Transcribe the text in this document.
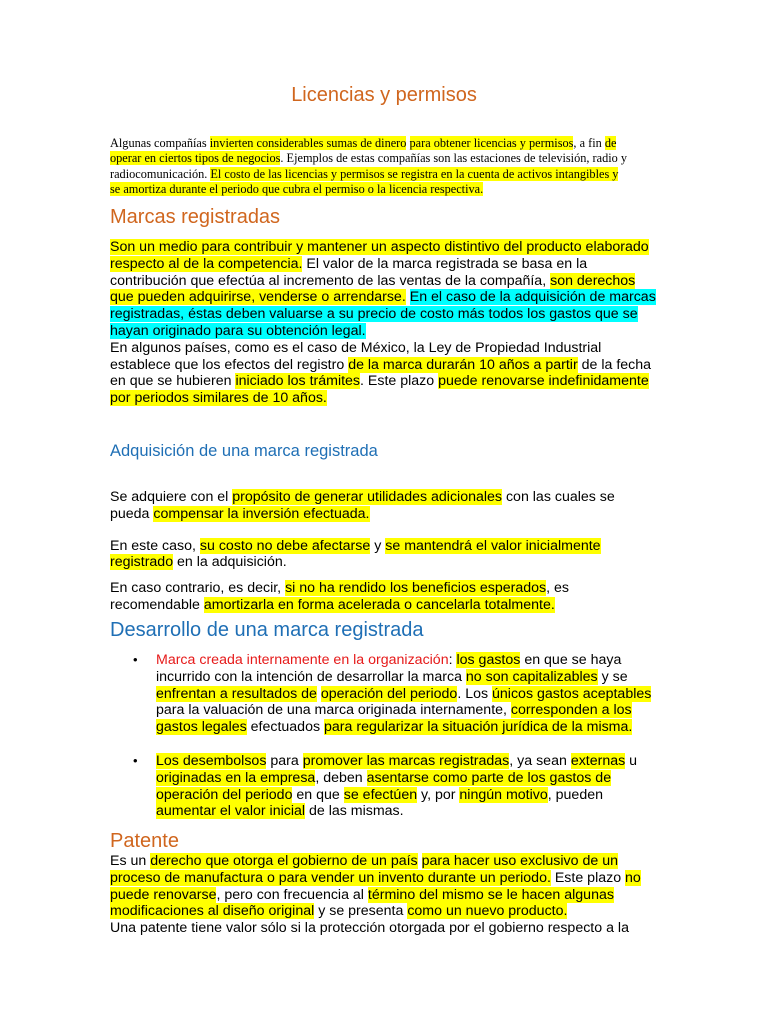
Licencias y permisos
Algunas compañías invierten considerables sumas de dinero para obtener licencias y permisos, a fin de operar en ciertos tipos de negocios. Ejemplos de estas compañías son las estaciones de televisión, radio y radiocomunicación. El costo de las licencias y permisos se registra en la cuenta de activos intangibles y se amortiza durante el periodo que cubra el permiso o la licencia respectiva.
Marcas registradas

Son un medio para contribuir y mantener un aspecto distintivo del producto elaborado respecto al de la competencia. El valor de la marca registrada se basa en la contribución que efectúa al incremento de las ventas de la compañía, son derechos que pueden adquirirse, venderse o arrendarse. En el caso de la adquisición de marcas registradas, éstas deben valuarse a su precio de costo más todos los gastos que se hayan originado para su obtención legal.

En algunos países, como es el caso de México, la Ley de Propiedad Industrial establece que los efectos del registro de la marca durarán 10 años a partir de la fecha en que se hubieren iniciado los trámites. Este plazo puede renovarse indefinidamente por periodos similares de 10 años.

Adquisición de una marca registrada

Se adquiere con el propósito de generar utilidades adicionales con las cuales se pueda compensar la inversión efectuada.

En este caso, su costo no debe afectarse y se mantendrá el valor inicialmente registrado en la adquisición.

En caso contrario, es decir, si no ha rendido los beneficios esperados, es recomendable amortizarla en forma acelerada o cancelarla totalmente.

Desarrollo de una marca registrada
• Marca creada internamente en la organización: los gastos en que se haya incurrido con la intención de desarrollar la marca no son capitalizables y se enfrentan a resultados de operación del periodo. Los únicos gastos aceptables para la valuación de una marca originada internamente, corresponden a los gastos legales efectuados para regularizar la situación jurídica de la misma.
• Los desembolsos para promover las marcas registradas, ya sean externas u originadas en la empresa, deben asentarse como parte de los gastos de operación del periodo en que se efectúen y, por ningún motivo, pueden aumentar el valor inicial de las mismas.
Patente

Es un derecho que otorga el gobierno de un país para hacer uso exclusivo de un proceso de manufactura o para vender un invento durante un periodo. Este plazo no puede renovarse, pero con frecuencia al término del mismo se le hacen algunas modificaciones al diseño original y se presenta como un nuevo producto.

Una patente tiene valor sólo si la protección otorgada por el gobierno respecto a la
